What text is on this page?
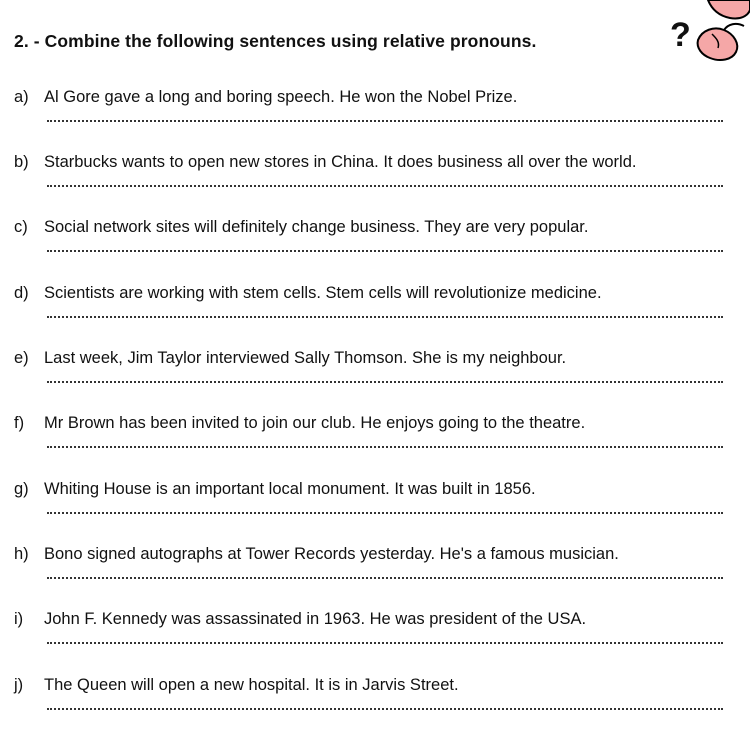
2. - Combine the following sentences using relative pronouns.	?
a) Al Gore gave a long and boring speech. He won the Nobel Prize.
b) Starbucks wants to open new stores in China. It does business all over the world.
c) Social network sites will definitely change business. They are very popular.
d) Scientists are working with stem cells. Stem cells will revolutionize medicine.
e) Last week, Jim Taylor interviewed Sally Thomson. She is my neighbour.
f) Mr Brown has been invited to join our club. He enjoys going to the theatre.
g) Whiting House is an important local monument. It was built in 1856.
h) Bono signed autographs at Tower Records yesterday. He's a famous musician.
i) John F. Kennedy was assassinated in 1963. He was president of the USA.
j) The Queen will open a new hospital. It is in Jarvis Street.
